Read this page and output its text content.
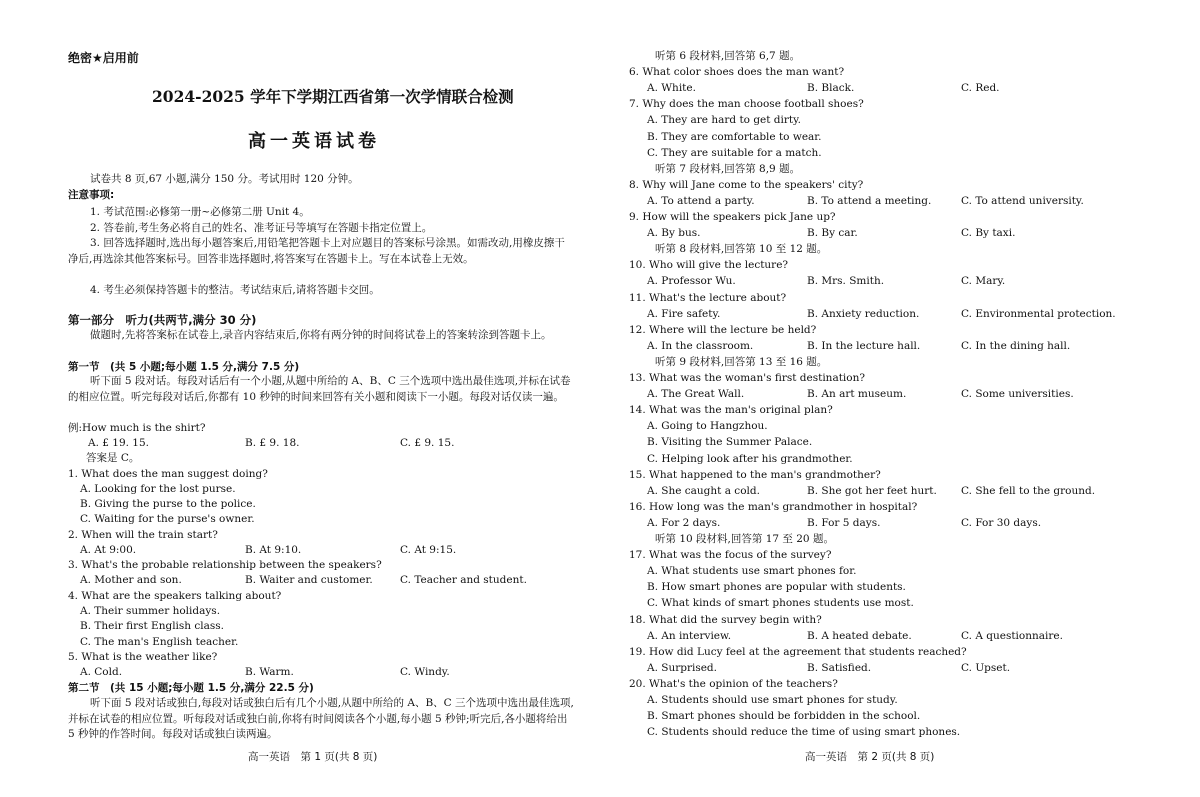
绝密★启用前
2024-2025 学年下学期江西省第一次学情联合检测
高一英语试卷
试卷共 8 页,67 小题,满分 150 分。考试用时 120 分钟。
注意事项:
1. 考试范围:必修第一册~必修第二册 Unit 4。
2. 答卷前,考生务必将自己的姓名、准考证号等填写在答题卡指定位置上。
3. 回答选择题时,选出每小题答案后,用铅笔把答题卡上对应题目的答案标号涂黑。如需改动,用橡皮擦干净后,再选涂其他答案标号。回答非选择题时,将答案写在答题卡上。写在本试卷上无效。
4. 考生必须保持答题卡的整洁。考试结束后,请将答题卡交回。
第一部分　听力(共两节,满分 30 分)
做题时,先将答案标在试卷上,录音内容结束后,你将有两分钟的时间将试卷上的答案转涂到答题卡上。
第一节　(共 5 小题;每小题 1.5 分,满分 7.5 分)
听下面 5 段对话。每段对话后有一个小题,从题中所给的 A、B、C 三个选项中选出最佳选项,并标在试卷的相应位置。听完每段对话后,你都有 10 秒钟的时间来回答有关小题和阅读下一小题。每段对话仅读一遍。
例:How much is the shirt?
A. £ 19. 15.	B. £ 9. 18.	C. £ 9. 15.
答案是 C。
1. What does the man suggest doing?
A. Looking for the lost purse.
B. Giving the purse to the police.
C. Waiting for the purse's owner.
2. When will the train start?
A. At 9:00.	B. At 9:10.	C. At 9:15.
3. What's the probable relationship between the speakers?
A. Mother and son.	B. Waiter and customer.	C. Teacher and student.
4. What are the speakers talking about?
A. Their summer holidays.
B. Their first English class.
C. The man's English teacher.
5. What is the weather like?
A. Cold.	B. Warm.	C. Windy.
第二节　(共 15 小题;每小题 1.5 分,满分 22.5 分)
听下面 5 段对话或独白,每段对话或独白后有几个小题,从题中所给的 A、B、C 三个选项中选出最佳选项,并标在试卷的相应位置。听每段对话或独白前,你将有时间阅读各个小题,每小题 5 秒钟;听完后,各小题将给出 5 秒钟的作答时间。每段对话或独白读两遍。
高一英语　第 1 页(共 8 页)
听第 6 段材料,回答第 6,7 题。
6. What color shoes does the man want?
A. White.	B. Black.	C. Red.
7. Why does the man choose football shoes?
A. They are hard to get dirty.
B. They are comfortable to wear.
C. They are suitable for a match.
听第 7 段材料,回答第 8,9 题。
8. Why will Jane come to the speakers' city?
A. To attend a party.	B. To attend a meeting.	C. To attend university.
9. How will the speakers pick Jane up?
A. By bus.	B. By car.	C. By taxi.
听第 8 段材料,回答第 10 至 12 题。
10. Who will give the lecture?
A. Professor Wu.	B. Mrs. Smith.	C. Mary.
11. What's the lecture about?
A. Fire safety.	B. Anxiety reduction.	C. Environmental protection.
12. Where will the lecture be held?
A. In the classroom.	B. In the lecture hall.	C. In the dining hall.
听第 9 段材料,回答第 13 至 16 题。
13. What was the woman's first destination?
A. The Great Wall.	B. An art museum.	C. Some universities.
14. What was the man's original plan?
A. Going to Hangzhou.
B. Visiting the Summer Palace.
C. Helping look after his grandmother.
15. What happened to the man's grandmother?
A. She caught a cold.	B. She got her feet hurt. C. She fell to the ground.
16. How long was the man's grandmother in hospital?
A. For 2 days.	B. For 5 days.	C. For 30 days.
听第 10 段材料,回答第 17 至 20 题。
17. What was the focus of the survey?
A. What students use smart phones for.
B. How smart phones are popular with students.
C. What kinds of smart phones students use most.
18. What did the survey begin with?
A. An interview.	B. A heated debate.	C. A questionnaire.
19. How did Lucy feel at the agreement that students reached?
A. Surprised.	B. Satisfied.	C. Upset.
20. What's the opinion of the teachers?
A. Students should use smart phones for study.
B. Smart phones should be forbidden in the school.
C. Students should reduce the time of using smart phones.
高一英语　第 2 页(共 8 页)
